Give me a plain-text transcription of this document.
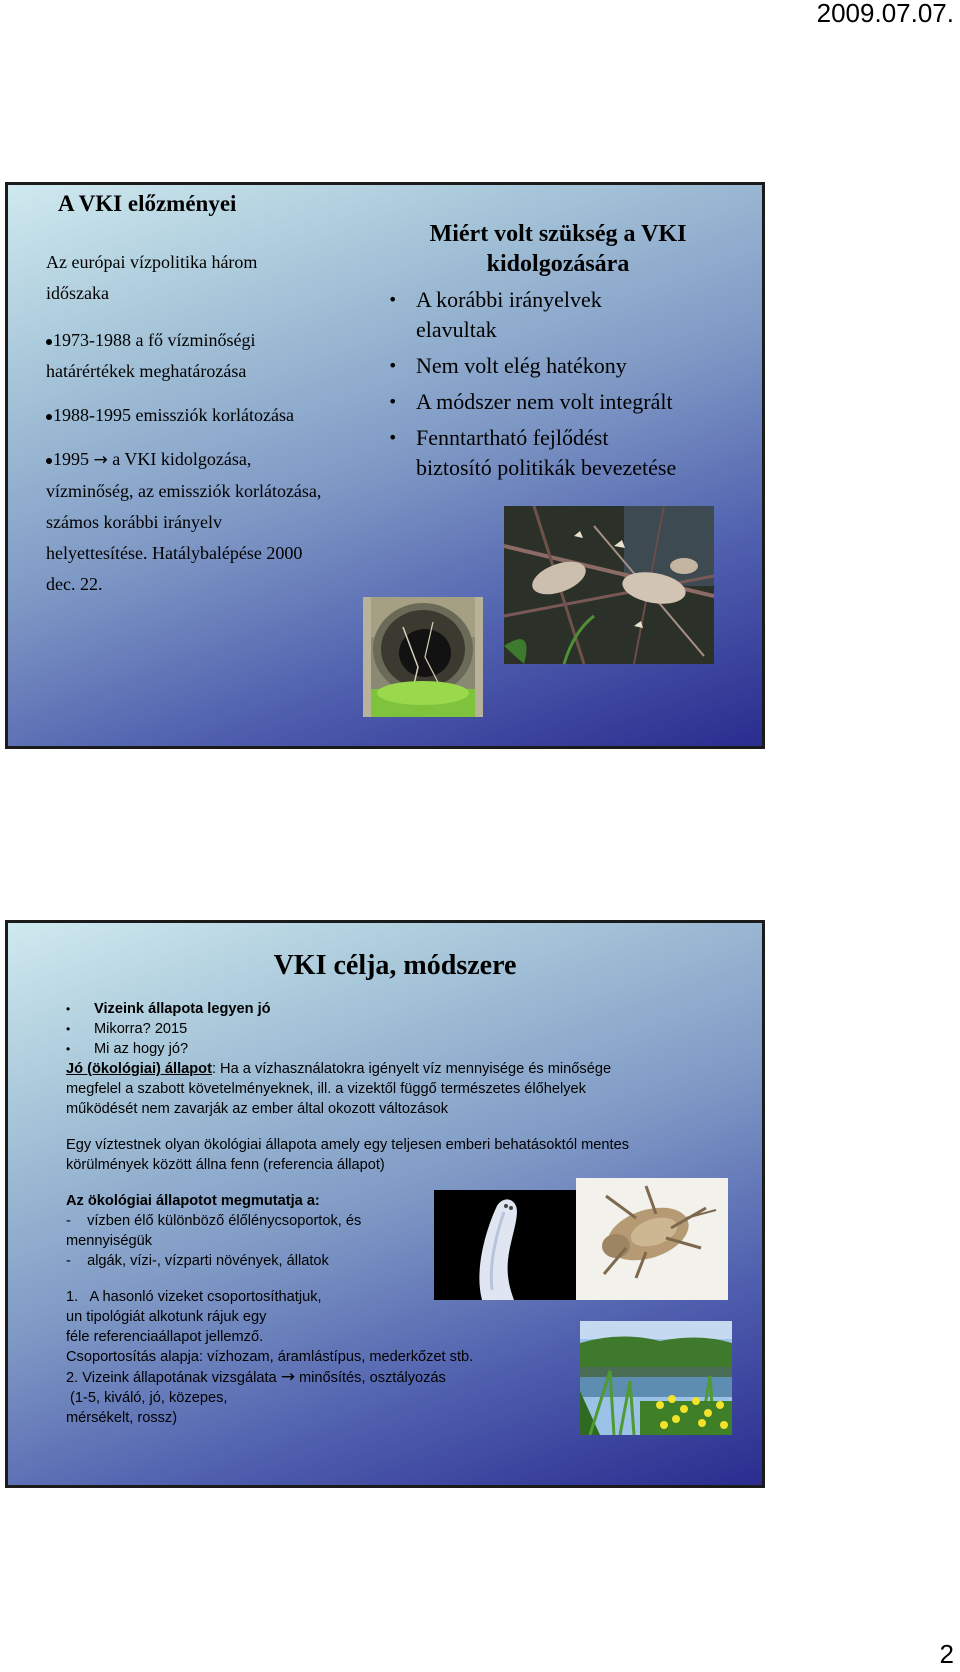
2009.07.07.
A VKI előzményei
Az európai vízpolitika három
időszaka
1973-1988 a fő vízminőségi
határértékek meghatározása
1988-1995 emissziók korlátozása
1995 → a VKI kidolgozása,
vízminőség, az emissziók korlátozása,
számos korábbi irányelv
helyettesítése. Hatálybalépése 2000
dec. 22.
Miért volt szükség a VKI
kidolgozására
• A korábbi irányelvek
elavultak
• Nem volt elég hatékony
• A módszer nem volt integrált
• Fenntartható fejlődést
biztosító politikák bevezetése
VKI célja, módszere
• Vizeink állapota legyen jó
• Mikorra? 2015
• Mi az hogy jó?
Jó (ökológiai) állapot: Ha a vízhasználatokra igényelt víz mennyisége és minősége
megfelel a szabott követelményeknek, ill. a vizektől függő természetes élőhelyek
működését nem zavarják az ember által okozott változások
Egy víztestnek olyan ökológiai állapota amely egy teljesen emberi behatásoktól mentes
körülmények között állna fenn (referencia állapot)
Az ökológiai állapotot megmutatja a:
-    vízben élő különböző élőlénycsoportok, és
mennyiségük
-    algák, vízi-, vízparti növények, állatok
1.   A hasonló vizeket csoportosíthatjuk,
un tipológiát alkotunk rájuk egy
féle referenciaállapot jellemző.
Csoportosítás alapja: vízhozam, áramlástípus, mederkőzet stb.
2. Vizeink állapotának vizsgálata → minősítés, osztályozás
(1-5, kiváló, jó, közepes,
mérsékelt, rossz)
2
